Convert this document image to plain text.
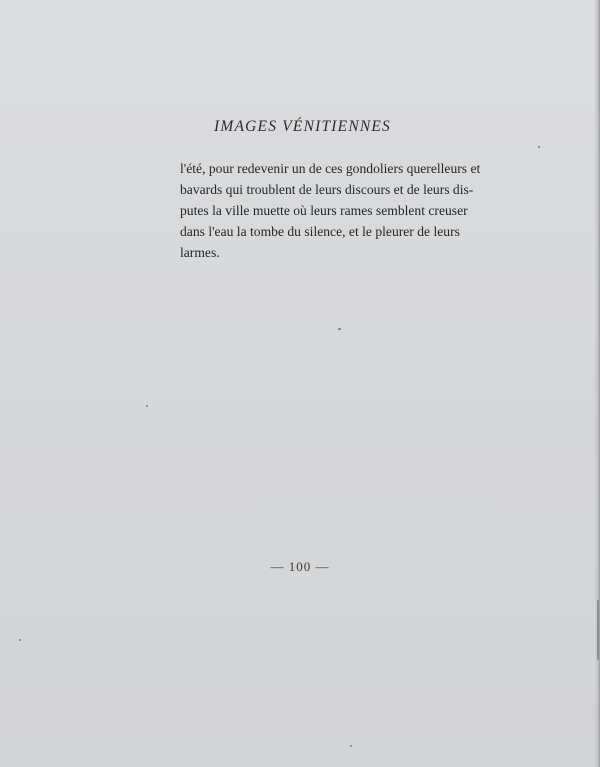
IMAGES VÉNITIENNES
l'été, pour redevenir un de ces gondoliers querelleurs et
bavards qui troublent de leurs discours et de leurs dis-
putes la ville muette où leurs rames semblent creuser
dans l'eau la tombe du silence, et le pleurer de leurs
larmes.
— 100 —
